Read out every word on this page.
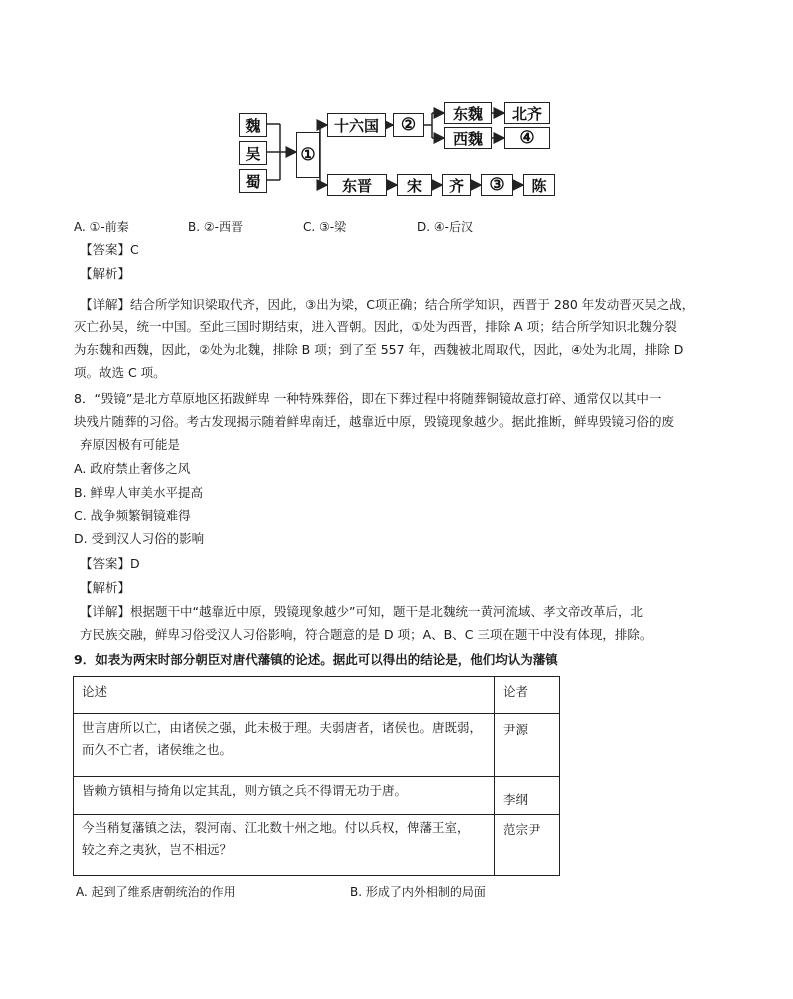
魏
吴
蜀
①
十六国	②
东魏
西魏
北齐
④
东晋	宋	齐	③	陈
A. ①-前秦	B. ②-西晋	C. ③-梁	D. ④-后汉
【答案】C
【解析】
【详解】结合所学知识梁取代齐，因此，③出为梁，C项正确；结合所学知识，西晋于 280 年发动晋灭吴之战，
灭亡孙吴，统一中国。至此三国时期结束，进入晋朝。因此，①处为西晋，排除 A 项；结合所学知识北魏分裂
为东魏和西魏，因此，②处为北魏，排除 B 项；到了至 557 年，西魏被北周取代，因此，④处为北周，排除 D
项。故选 C 项。
8．“毁镜”是北方草原地区拓跋鲜卑 一种特殊葬俗，即在下葬过程中将随葬铜镜故意打碎、通常仅以其中一
块残片随葬的习俗。考古发现揭示随着鲜卑南迁，越靠近中原，毁镜现象越少。据此推断，鲜卑毁镜习俗的废
弃原因极有可能是
A. 政府禁止奢侈之风
B. 鲜卑人审美水平提高
C. 战争频繁铜镜难得
D. 受到汉人习俗的影响
【答案】D
【解析】
【详解】根据题干中“越靠近中原，毁镜现象越少”可知，题干是北魏统一黄河流域、孝文帝改革后，北
方民族交融，鲜卑习俗受汉人习俗影响，符合题意的是 D 项；A、B、C 三项在题干中没有体现，排除。
9．如表为两宋时部分朝臣对唐代藩镇的论述。据此可以得出的结论是，他们均认为藩镇
论述	论者
世言唐所以亡，由诸侯之强，此未极于理。夫弱唐者，诸侯也。唐既弱，
而久不亡者，诸侯维之也。
尹源
皆赖方镇相与掎角以定其乱，则方镇之兵不得谓无功于唐。
李纲
今当稍复藩镇之法，裂河南、江北数十州之地。付以兵权，俾藩王室，
较之弃之夷狄，岂不相远？
范宗尹
A. 起到了维系唐朝统治的作用	B. 形成了内外相制的局面
